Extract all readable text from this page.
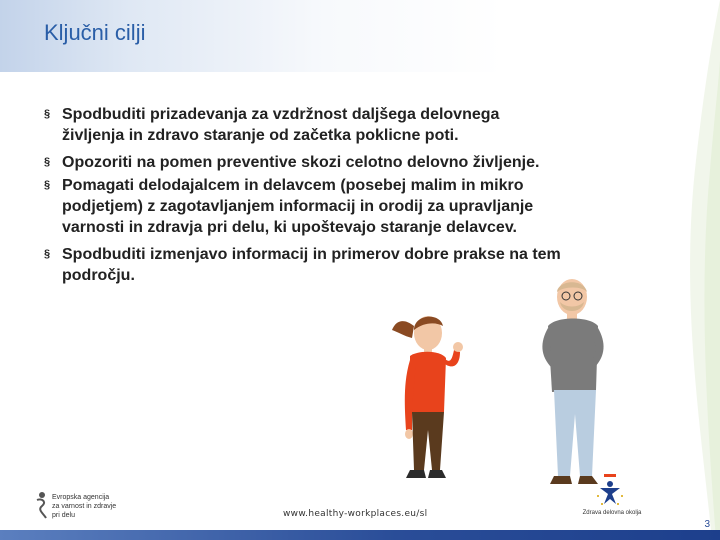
Ključni cilji
§ Spodbuditi prizadevanja za vzdržnost daljšega delovnega
življenja in zdravo staranje od začetka poklicne poti.
§ Opozoriti na pomen preventive skozi celotno delovno življenje.
§ Pomagati delodajalcem in delavcem (posebej malim in mikro
podjetjem) z zagotavljanjem informacij in orodij za upravljanje
varnosti in zdravja pri delu, ki upoštevajo staranje delavcev.
§ Spodbuditi izmenjavo informacij in primerov dobre prakse na tem
področju.
Evropska agencija
za varnost in zdravje
pri delu	www.healthy-workplaces.eu/sl	Zdrava delovna okolja
3
